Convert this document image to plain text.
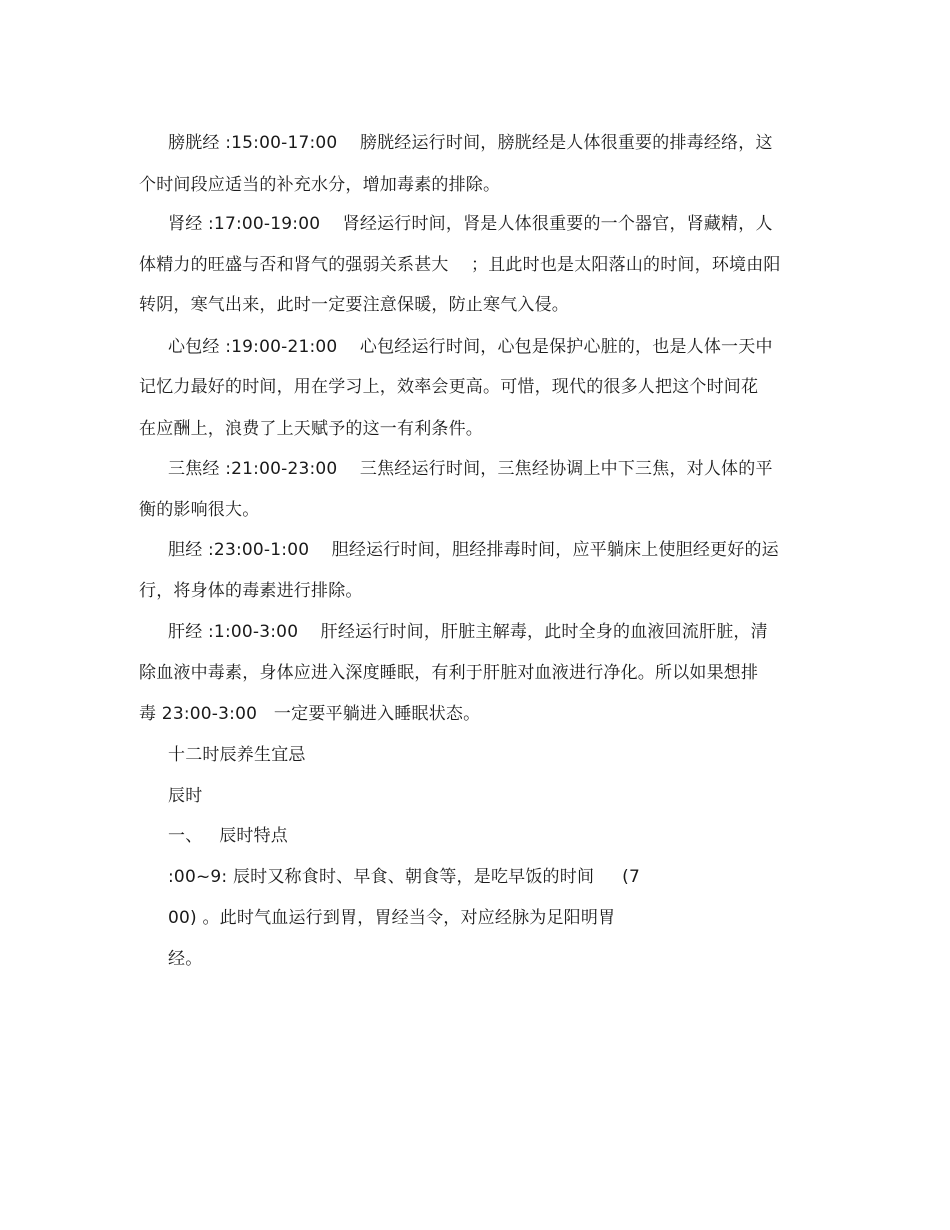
膀胱经 :15:00-17:00    膀胱经运行时间，膀胱经是人体很重要的排毒经络，这
个时间段应适当的补充水分，增加毒素的排除。
肾经 :17:00-19:00    肾经运行时间，肾是人体很重要的一个器官，肾藏精，人
体精力的旺盛与否和肾气的强弱关系甚大    ；且此时也是太阳落山的时间，环境由阳
转阴，寒气出来，此时一定要注意保暖，防止寒气入侵。
心包经 :19:00-21:00    心包经运行时间，心包是保护心脏的，也是人体一天中
记忆力最好的时间，用在学习上，效率会更高。可惜，现代的很多人把这个时间花
在应酬上，浪费了上天赋予的这一有利条件。
三焦经 :21:00-23:00    三焦经运行时间，三焦经协调上中下三焦，对人体的平
衡的影响很大。
胆经 :23:00-1:00    胆经运行时间，胆经排毒时间，应平躺床上使胆经更好的运
行，将身体的毒素进行排除。
肝经 :1:00-3:00    肝经运行时间，肝脏主解毒，此时全身的血液回流肝脏，清
除血液中毒素，身体应进入深度睡眠，有利于肝脏对血液进行净化。所以如果想排
毒 23:00-3:00   一定要平躺进入睡眠状态。
十二时辰养生宜忌
辰时
一、   辰时特点
:00~9: 辰时又称食时、早食、朝食等，是吃早饭的时间     (7
00) 。此时气血运行到胃，胃经当令，对应经脉为足阳明胃
经。
